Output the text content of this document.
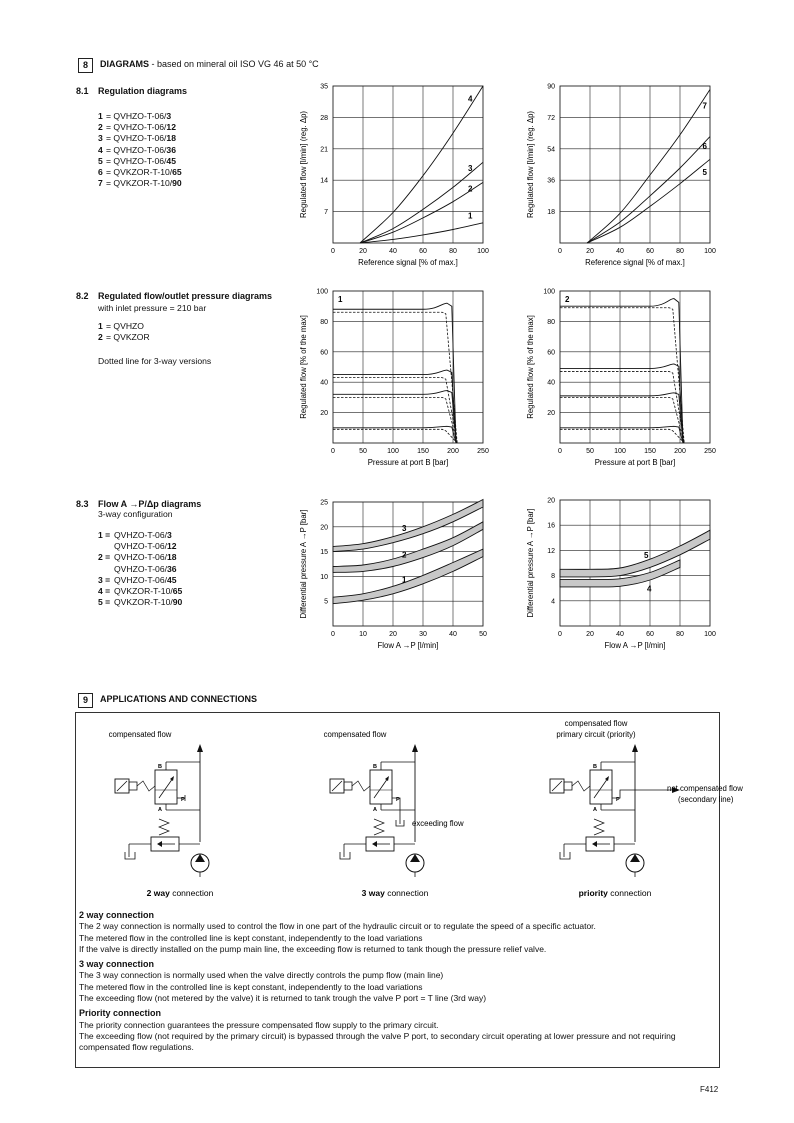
8	DIAGRAMS - based on mineral oil ISO VG 46 at 50 °C
8.1 Regulation diagrams
1 = QVHZO-T-06/3
2 = QVHZO-T-06/12
3 = QVHZO-T-06/18
4 = QVHZO-T-06/36
5 = QVHZO-T-06/45
6 = QVKZOR-T-10/65
7 = QVKZOR-T-10/90
8.2 Regulated flow/outlet pressure diagrams
with inlet pressure = 210 bar
1 = QVHZO
2 = QVKZOR
Dotted line for 3-way versions
8.3 Flow A →P/Δp diagrams
3-way configuration
1 = QVHZO-T-06/3
QVHZO-T-06/12
2 = QVHZO-T-06/18
QVHZO-T-06/36
3 = QVHZO-T-06/45
4 = QVKZOR-T-10/65
5 = QVKZOR-T-10/90
0	20	40	60	80	100
7
14
21
28
35
Reference signal [% of max.]
Regulated flow [l/min] (reg. Δp)	1
2
3
4
0	20	40	60	80	100
18
36
54
72
90
Reference signal [% of max.]
Regulated flow [l/min] (reg. Δp)	5
6
7
0	50	100	150	200	250
20
40
60
80
100
Pressure at port B [bar]
Regulated flow [% of the max]
1
0	50	100	150	200	250
20
40
60
80
100
Pressure at port B [bar]
Regulated flow [% of the max]
2
0	10	20	30	40	50
5
10
15
20
25
Flow A →P [l/min]
Differential pressure A →P [bar]	1
2
3
0	20	40	60	80	100
4
8
12
16
20
Flow A →P [l/min]
Differential pressure A →P [bar]	4
5
9	APPLICATIONS AND CONNECTIONS
compensated flow
B
A
P
2 way connection
compensated flow
B
A
P
exceeding flow
3 way connection
compensated flow
primary circuit (priority)
B
A
P
not compensated flow
(secondary line)
priority connection
2 way connection
The 2 way connection is normally used to control the flow in one part of the hydraulic circuit or to regulate the speed of a specific actuator.
The metered flow in the controlled line is kept constant, independently to the load variations
If the valve is directly installed on the pump main line, the exceeding flow is returned to tank though the pressure relief valve.
3 way connection
The 3 way connection is normally used when the valve directly controls the pump flow (main line)
The metered flow in the controlled line is kept constant, independently to the load variations
The exceeding flow (not metered by the valve) it is returned to tank trough the valve P port = T line (3rd way)
Priority connection
The priority connection guarantees the pressure compensated flow supply to the primary circuit.
The exceeding flow (not required by the primary circuit) is bypassed through the valve P port, to secondary circuit operating at lower pressure and not requiring compensated flow regulations.
F412
